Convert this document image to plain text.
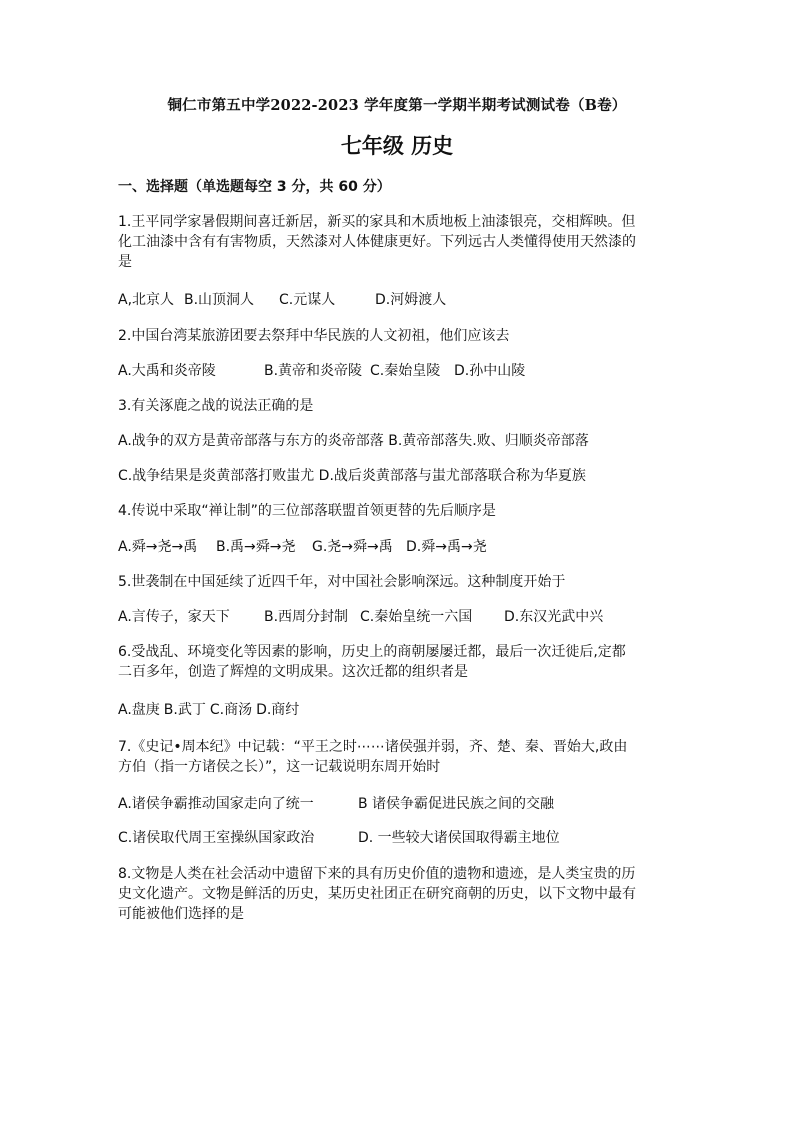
铜仁市第五中学2022-2023 学年度第一学期半期考试测试卷（B卷）
七年级 历史
一、选择题（单选题每空 3 分，共 60 分）
1.王平同学家暑假期间喜迁新居，新买的家具和木质地板上油漆银亮，交相辉映。但
化工油漆中含有有害物质，天然漆对人体健康更好。下列远古人类懂得使用天然漆的
是
A,北京人 B.山顶洞人 C.元谋人	D.河姆渡人
2.中国台湾某旅游团要去祭拜中华民族的人文初祖，他们应该去
A.大禹和炎帝陵	B.黄帝和炎帝陵 C.秦始皇陵 D.孙中山陵
3.有关涿鹿之战的说法正确的是
A.战争的双方是黄帝部落与东方的炎帝部落 B.黄帝部落失.败、归顺炎帝部落
C.战争结果是炎黄部落打败蚩尤 D.战后炎黄部落与蚩尤部落联合称为华夏族
4.传说中采取“禅让制”的三位部落联盟首领更替的先后顺序是
A.舜→尧→禹 B.禹→舜→尧 G.尧→舜→禹 D.舜→禹→尧
5.世袭制在中国延续了近四千年，对中国社会影响深远。这种制度开始于
A.言传子，家天下 B.西周分封制 C.秦始皇统一六国 D.东汉光武中兴
6.受战乱、环境变化等因素的影响，历史上的商朝屡屡迁都，最后一次迁徙后,定都
二百多年，创造了辉煌的文明成果。这次迁都的组织者是
A.盘庚 B.武丁 C.商汤 D.商纣
7.《史记•周本纪》中记载：“平王之时⋯⋯诸侯强并弱，齐、楚、秦、晋始大,政由
方伯（指一方诸侯之长）”，这一记载说明东周开始时
A.诸侯争霸推动国家走向了统一	B 诸侯争霸促进民族之间的交融
C.诸侯取代周王室操纵国家政治	D. 一些较大诸侯国取得霸主地位
8.文物是人类在社会活动中遗留下来的具有历史价值的遗物和遗迹，是人类宝贵的历
史文化遗产。文物是鲜活的历史，某历史社团正在研究商朝的历史，以下文物中最有
可能被他们选择的是
